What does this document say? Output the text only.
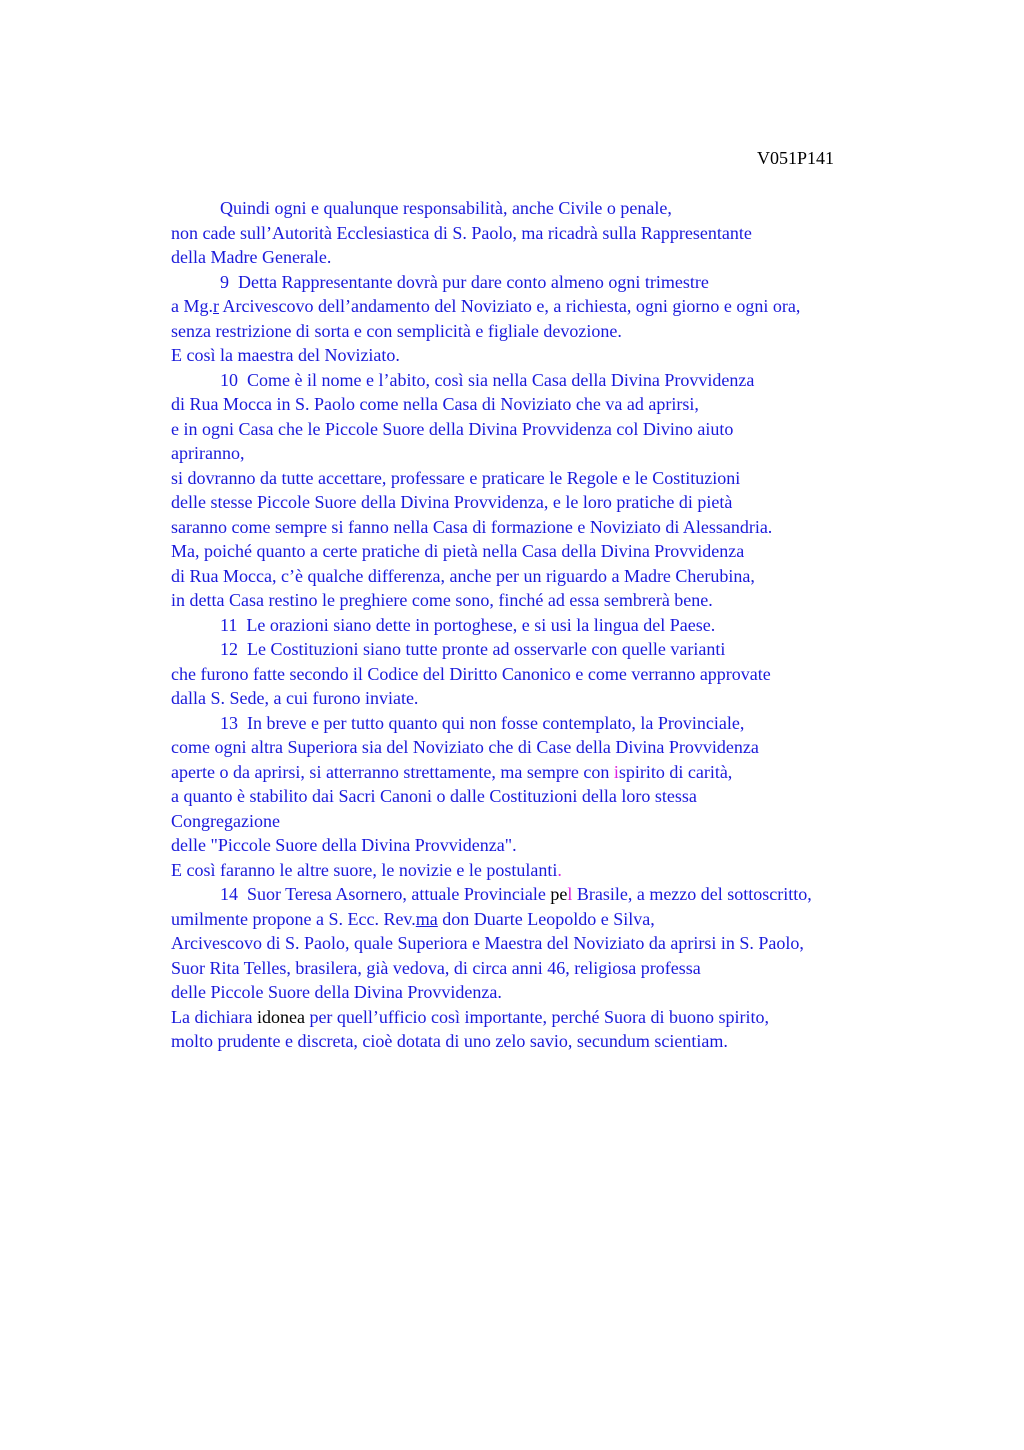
V051P141
Quindi ogni e qualunque responsabilità, anche Civile o penale,
non cade sull’Autorità Ecclesiastica di S. Paolo, ma ricadrà sulla Rappresentante
della Madre Generale.
9  Detta Rappresentante dovrà pur dare conto almeno ogni trimestre
a Mg.r Arcivescovo dell’andamento del Noviziato e, a richiesta, ogni giorno e ogni ora,
senza restrizione di sorta e con semplicità e figliale devozione.
E così la maestra del Noviziato.
10  Come è il nome e l’abito, così sia nella Casa della Divina Provvidenza
di Rua Mocca in S. Paolo come nella Casa di Noviziato che va ad aprirsi,
e in ogni Casa che le Piccole Suore della Divina Provvidenza col Divino aiuto
apriranno,
si dovranno da tutte accettare, professare e praticare le Regole e le Costituzioni
delle stesse Piccole Suore della Divina Provvidenza, e le loro pratiche di pietà
saranno come sempre si fanno nella Casa di formazione e Noviziato di Alessandria.
Ma, poiché quanto a certe pratiche di pietà nella Casa della Divina Provvidenza
di Rua Mocca, c’è qualche differenza, anche per un riguardo a Madre Cherubina,
in detta Casa restino le preghiere come sono, finché ad essa sembrerà bene.
11  Le orazioni siano dette in portoghese, e si usi la lingua del Paese.
12  Le Costituzioni siano tutte pronte ad osservarle con quelle varianti
che furono fatte secondo il Codice del Diritto Canonico e come verranno approvate
dalla S. Sede, a cui furono inviate.
13  In breve e per tutto quanto qui non fosse contemplato, la Provinciale,
come ogni altra Superiora sia del Noviziato che di Case della Divina Provvidenza
aperte o da aprirsi, si atterranno strettamente, ma sempre con ispirito di carità,
a quanto è stabilito dai Sacri Canoni o dalle Costituzioni della loro stessa
Congregazione
delle "Piccole Suore della Divina Provvidenza".
E così faranno le altre suore, le novizie e le postulanti.
14  Suor Teresa Asornero, attuale Provinciale pel Brasile, a mezzo del sottoscritto,
umilmente propone a S. Ecc. Rev.ma don Duarte Leopoldo e Silva,
Arcivescovo di S. Paolo, quale Superiora e Maestra del Noviziato da aprirsi in S. Paolo,
Suor Rita Telles, brasilera, già vedova, di circa anni 46, religiosa professa
delle Piccole Suore della Divina Provvidenza.
La dichiara idonea per quell’ufficio così importante, perché Suora di buono spirito,
molto prudente e discreta, cioè dotata di uno zelo savio, secundum scientiam.
